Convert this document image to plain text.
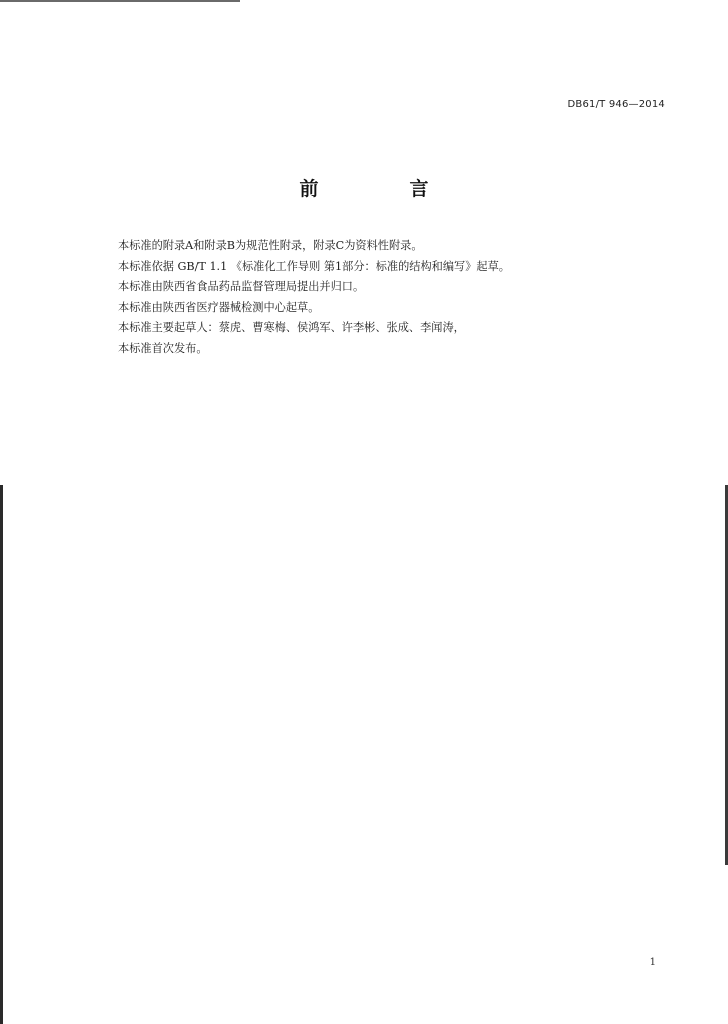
DB61/T 946—2014
前　言
本标准的附录A和附录B为规范性附录，附录C为资料性附录。
本标准依据 GB/T 1.1 《标准化工作导则 第1部分：标准的结构和编写》起草。
本标准由陕西省食品药品监督管理局提出并归口。
本标准由陕西省医疗器械检测中心起草。
本标准主要起草人：蔡虎、曹寒梅、侯鸿军、许李彬、张成、李闻涛，
本标准首次发布。
1
